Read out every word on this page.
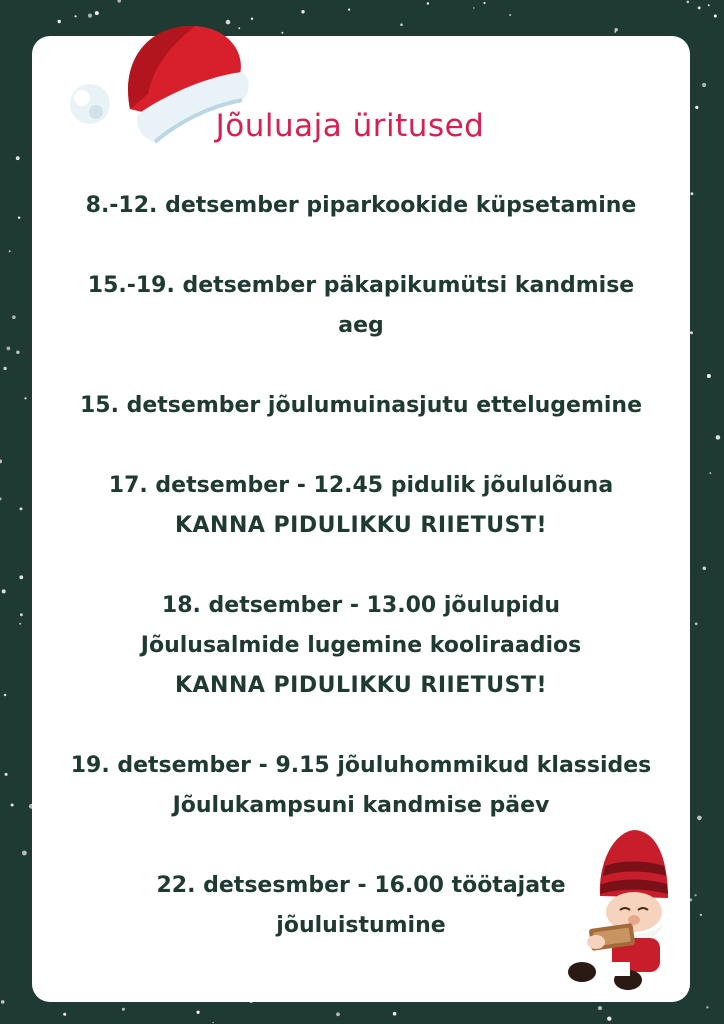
Jõuluaja üritused
8.-12. detsember piparkookide küpsetamine
15.-19. detsember päkapikumütsi kandmise
aeg
15. detsember jõulumuinasjutu ettelugemine
17. detsember - 12.45 pidulik jõululõuna
KANNA PIDULIKKU RIIETUST!
18. detsember - 13.00 jõulupidu
Jõulusalmide lugemine kooliraadios
KANNA PIDULIKKU RIIETUST!
19. detsember - 9.15 jõuluhommikud klassides
Jõulukampsuni kandmise päev
22. detsesmber - 16.00 töötajate
jõuluistumine
